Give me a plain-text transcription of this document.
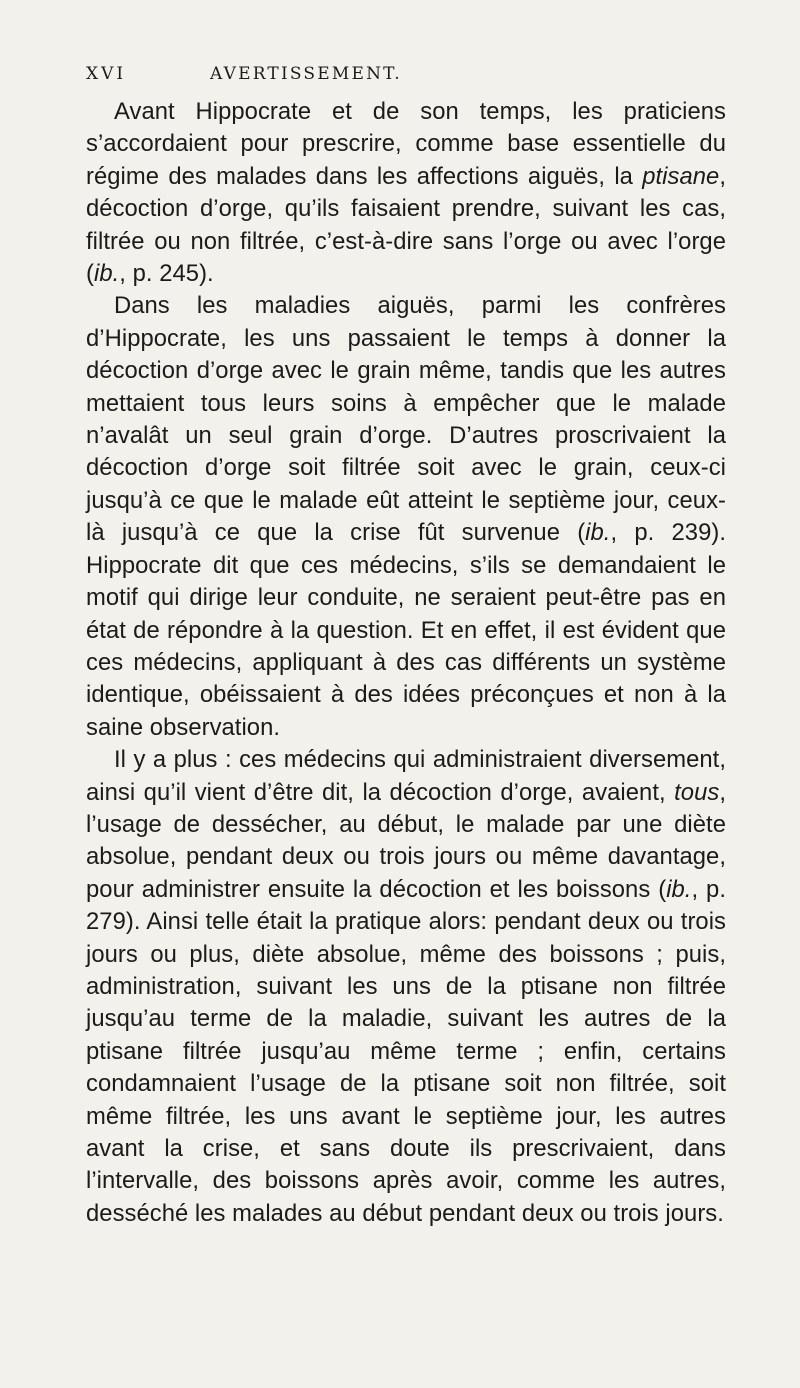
XVI	AVERTISSEMENT.

Avant Hippocrate et de son temps, les praticiens s’accordaient pour prescrire, comme base essentielle du régime des malades dans les affections aiguës, la ptisane, décoction d’orge, qu’ils faisaient prendre, suivant les cas, filtrée ou non filtrée, c’est-à-dire sans l’orge ou avec l’orge (ib., p. 245).

Dans les maladies aiguës, parmi les confrères d’Hippocrate, les uns passaient le temps à donner la décoction d’orge avec le grain même, tandis que les autres mettaient tous leurs soins à empêcher que le malade n’avalât un seul grain d’orge. D’autres proscrivaient la décoction d’orge soit filtrée soit avec le grain, ceux-ci jusqu’à ce que le malade eût atteint le septième jour, ceux-là jusqu’à ce que la crise fût survenue (ib., p. 239). Hippocrate dit que ces médecins, s’ils se demandaient le motif qui dirige leur conduite, ne seraient peut-être pas en état de répondre à la question. Et en effet, il est évident que ces médecins, appliquant à des cas différents un système identique, obéissaient à des idées préconçues et non à la saine observation.

Il y a plus : ces médecins qui administraient diversement, ainsi qu’il vient d’être dit, la décoction d’orge, avaient, tous, l’usage de dessécher, au début, le malade par une diète absolue, pendant deux ou trois jours ou même davantage, pour administrer ensuite la décoction et les boissons (ib., p. 279). Ainsi telle était la pratique alors: pendant deux ou trois jours ou plus, diète absolue, même des boissons ; puis, administration, suivant les uns de la ptisane non filtrée jusqu’au terme de la maladie, suivant les autres de la ptisane filtrée jusqu’au même terme ; enfin, certains condamnaient l’usage de la ptisane soit non filtrée, soit même filtrée, les uns avant le septième jour, les autres avant la crise, et sans doute ils prescrivaient, dans l’intervalle, des boissons après avoir, comme les autres, desséché les malades au début pendant deux ou trois jours.
